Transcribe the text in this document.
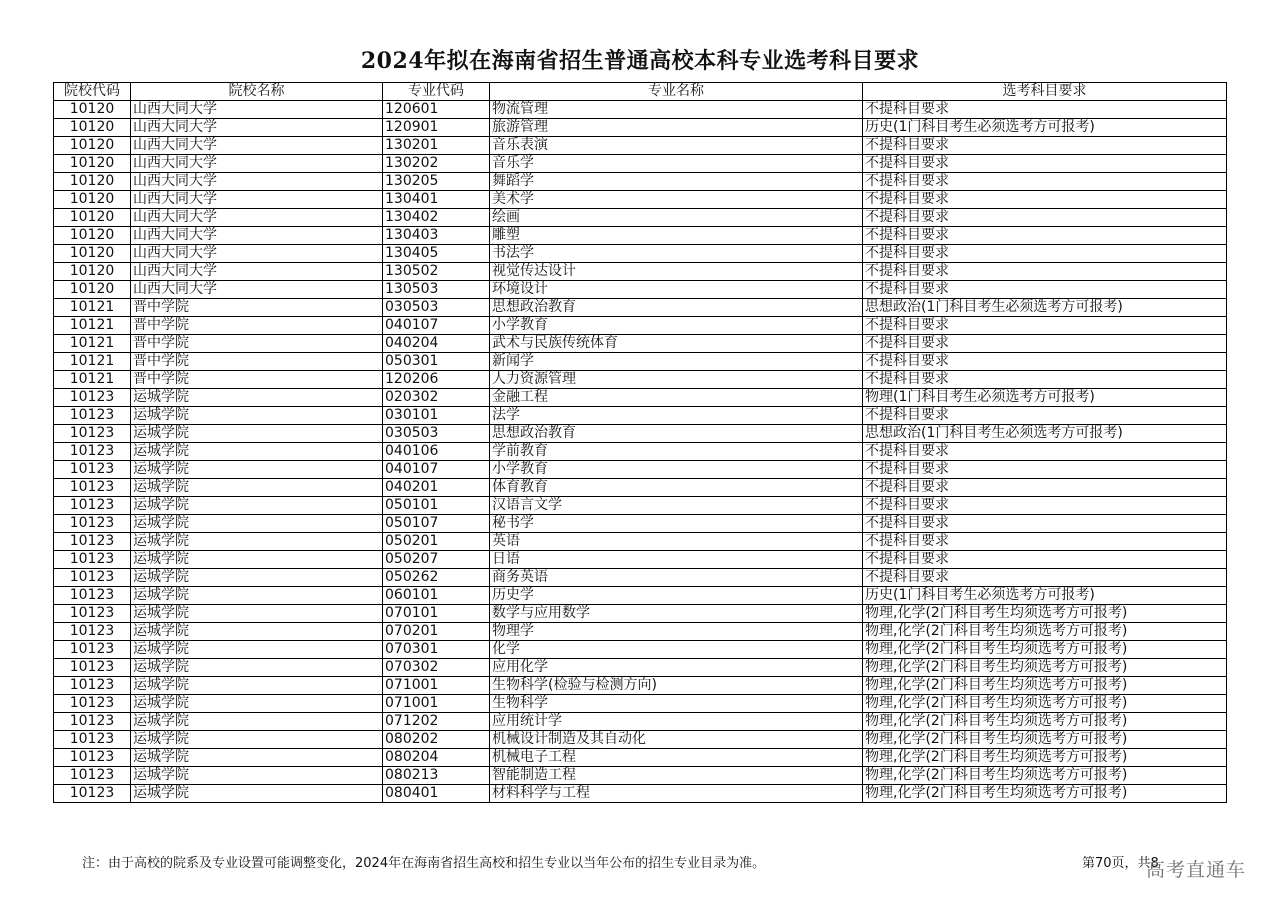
2024年拟在海南省招生普通高校本科专业选考科目要求
院校代码	院校名称	专业代码	专业名称	选考科目要求
10120	山西大同大学	120601	物流管理	不提科目要求
10120	山西大同大学	120901	旅游管理	历史(1门科目考生必须选考方可报考)
10120	山西大同大学	130201	音乐表演	不提科目要求
10120	山西大同大学	130202	音乐学	不提科目要求
10120	山西大同大学	130205	舞蹈学	不提科目要求
10120	山西大同大学	130401	美术学	不提科目要求
10120	山西大同大学	130402	绘画	不提科目要求
10120	山西大同大学	130403	雕塑	不提科目要求
10120	山西大同大学	130405	书法学	不提科目要求
10120	山西大同大学	130502	视觉传达设计	不提科目要求
10120	山西大同大学	130503	环境设计	不提科目要求
10121	晋中学院	030503	思想政治教育	思想政治(1门科目考生必须选考方可报考)
10121	晋中学院	040107	小学教育	不提科目要求
10121	晋中学院	040204	武术与民族传统体育	不提科目要求
10121	晋中学院	050301	新闻学	不提科目要求
10121	晋中学院	120206	人力资源管理	不提科目要求
10123	运城学院	020302	金融工程	物理(1门科目考生必须选考方可报考)
10123	运城学院	030101	法学	不提科目要求
10123	运城学院	030503	思想政治教育	思想政治(1门科目考生必须选考方可报考)
10123	运城学院	040106	学前教育	不提科目要求
10123	运城学院	040107	小学教育	不提科目要求
10123	运城学院	040201	体育教育	不提科目要求
10123	运城学院	050101	汉语言文学	不提科目要求
10123	运城学院	050107	秘书学	不提科目要求
10123	运城学院	050201	英语	不提科目要求
10123	运城学院	050207	日语	不提科目要求
10123	运城学院	050262	商务英语	不提科目要求
10123	运城学院	060101	历史学	历史(1门科目考生必须选考方可报考)
10123	运城学院	070101	数学与应用数学	物理,化学(2门科目考生均须选考方可报考)
10123	运城学院	070201	物理学	物理,化学(2门科目考生均须选考方可报考)
10123	运城学院	070301	化学	物理,化学(2门科目考生均须选考方可报考)
10123	运城学院	070302	应用化学	物理,化学(2门科目考生均须选考方可报考)
10123	运城学院	071001	生物科学(检验与检测方向)	物理,化学(2门科目考生均须选考方可报考)
10123	运城学院	071001	生物科学	物理,化学(2门科目考生均须选考方可报考)
10123	运城学院	071202	应用统计学	物理,化学(2门科目考生均须选考方可报考)
10123	运城学院	080202	机械设计制造及其自动化	物理,化学(2门科目考生均须选考方可报考)
10123	运城学院	080204	机械电子工程	物理,化学(2门科目考生均须选考方可报考)
10123	运城学院	080213	智能制造工程	物理,化学(2门科目考生均须选考方可报考)
10123	运城学院	080401	材料科学与工程	物理,化学(2门科目考生均须选考方可报考)
注：由于高校的院系及专业设置可能调整变化，2024年在海南省招生高校和招生专业以当年公布的招生专业目录为准。	第70页，共8
高考直通车
